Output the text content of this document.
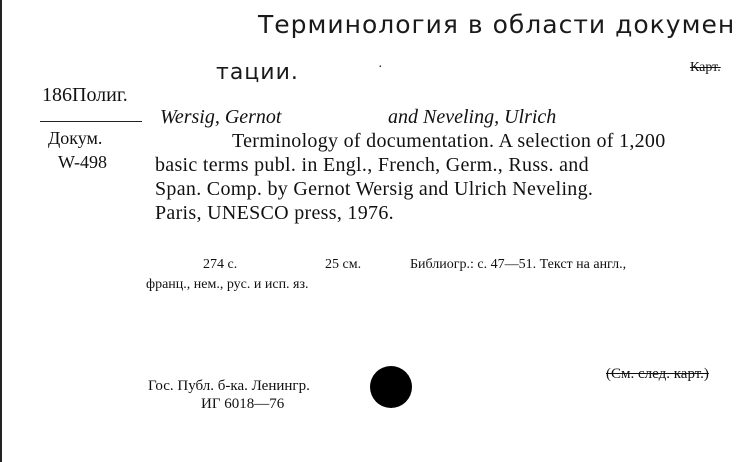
Терминология в области докумен
тации.	·	Карт.
186Полиг.
Докум.
W-498
Wersig, Gernot	and Neveling, Ulrich
Terminology of documentation. A selection of 1,200
basic terms publ. in Engl., French, Germ., Russ. and
Span. Comp. by Gernot Wersig and Ulrich Neveling.
Paris, UNESCO press, 1976.
274 с.	25 см.	Библиогр.: с. 47—51. Текст на англ.,
франц., нем., рус. и исп. яз.
(См. след. карт.)
Гос. Публ. б-ка. Ленингр.
ИГ 6018—76
